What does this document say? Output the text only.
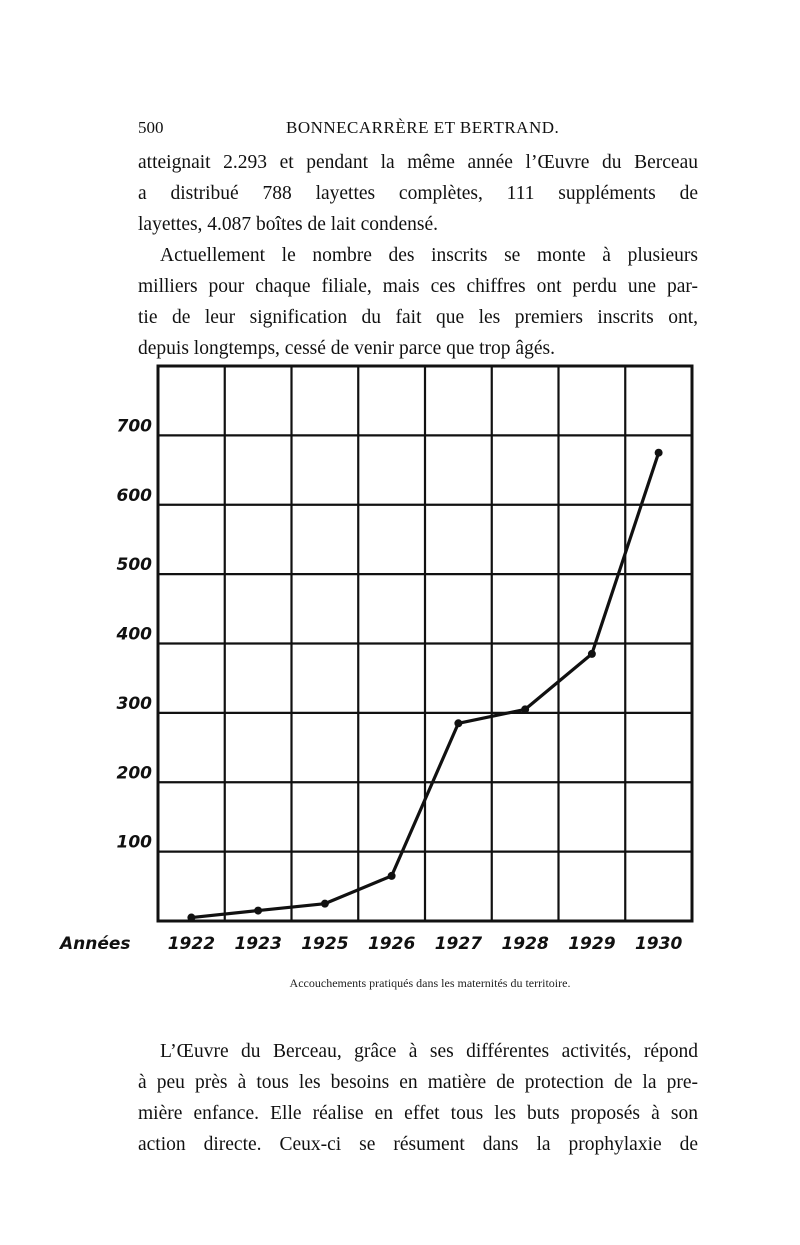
500	BONNECARRÈRE ET BERTRAND.
atteignait 2.293 et pendant la même année l’Œuvre du Berceau
a distribué 788 layettes complètes, 111 suppléments de
layettes, 4.087 boîtes de lait condensé.
Actuellement le nombre des inscrits se monte à plusieurs
milliers pour chaque filiale, mais ces chiffres ont perdu une par-
tie de leur signification du fait que les premiers inscrits ont,
depuis longtemps, cessé de venir parce que trop âgés.
100
200
300
400
500
600
700
1922 1923 1925 1926 1927 1928 1929 1930
Années
Accouchements pratiqués dans les maternités du territoire.
L’Œuvre du Berceau, grâce à ses différentes activités, répond
à peu près à tous les besoins en matière de protection de la pre-
mière enfance. Elle réalise en effet tous les buts proposés à son
action directe. Ceux-ci se résument dans la prophylaxie de
